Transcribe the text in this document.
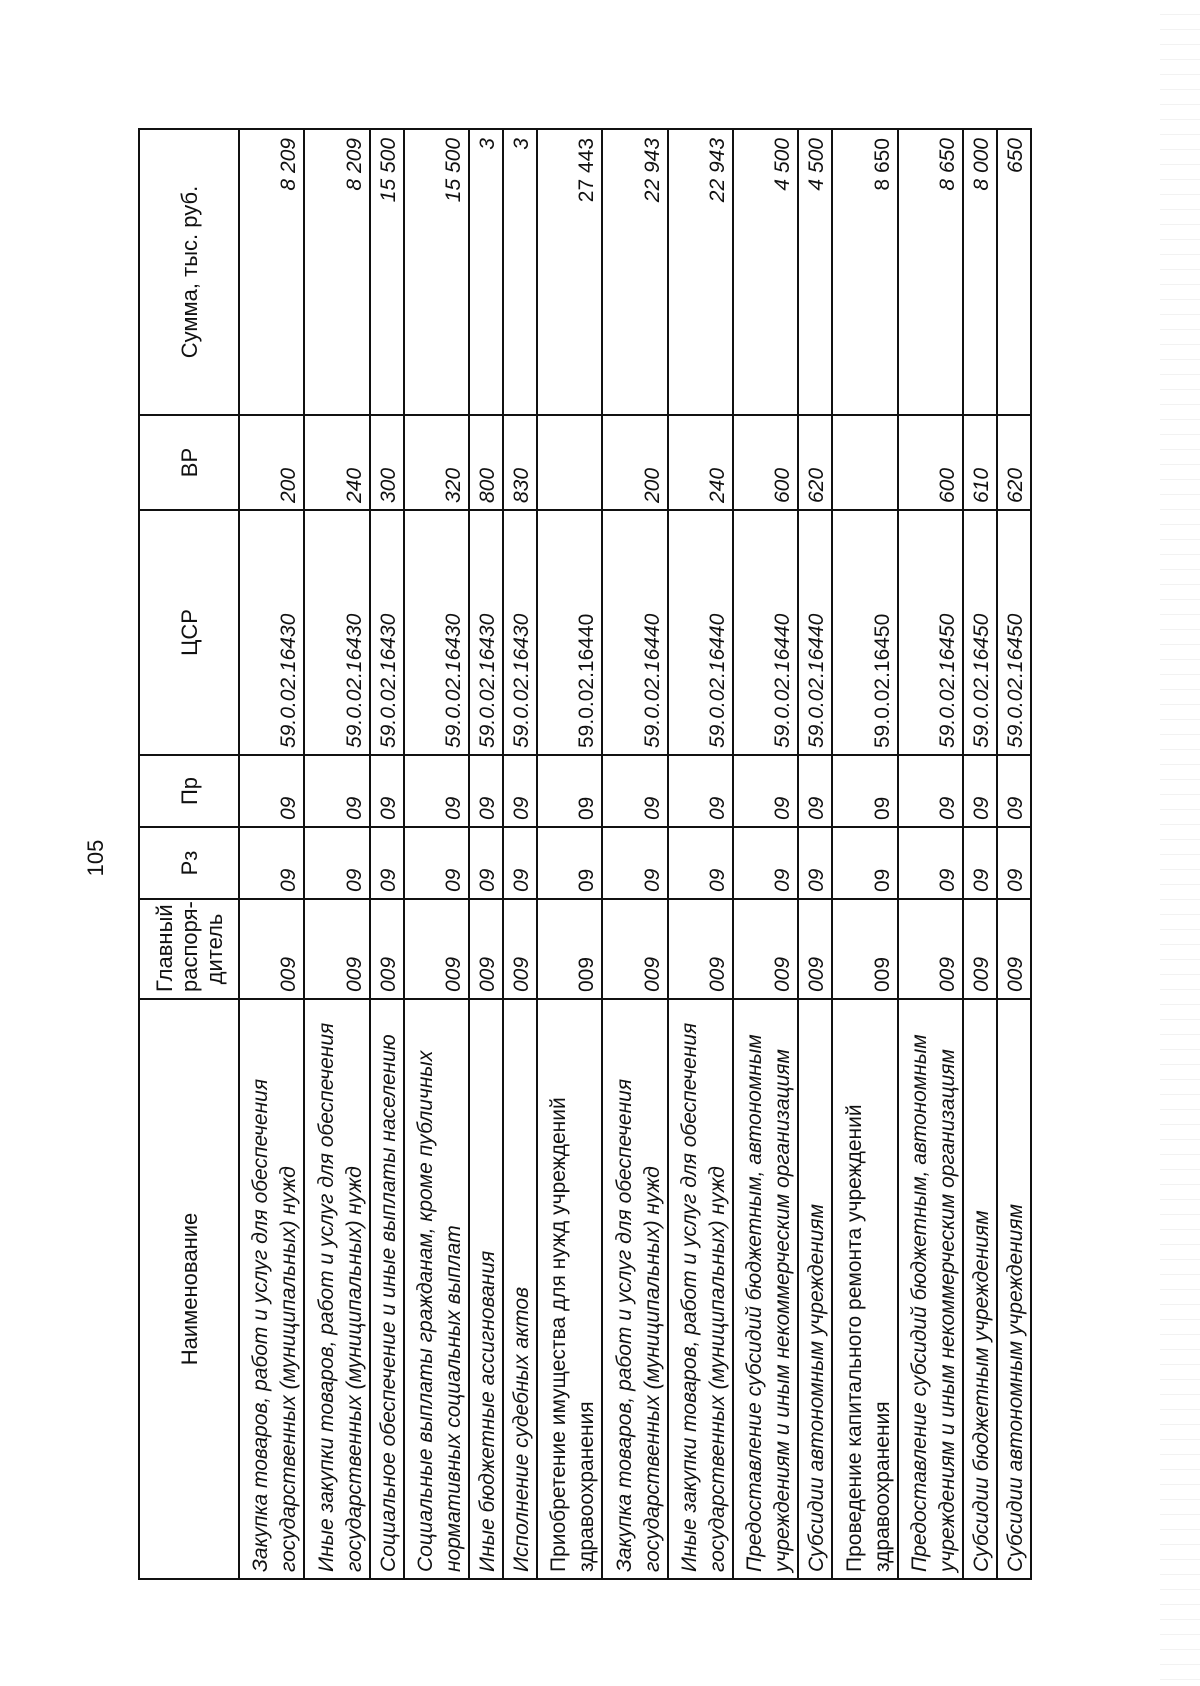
105
Наименование	Главный распоря-дитель	Рз	Пр	ЦСР	ВР	Сумма, тыс. руб.
Закупка товаров, работ и услуг для обеспечения государственных (муниципальных) нужд	009	09	09	59.0.02.16430	200	8 209
Иные закупки товаров, работ и услуг для обеспечения государственных (муниципальных) нужд	009	09	09	59.0.02.16430	240	8 209
Социальное обеспечение и иные выплаты населению	009	09	09	59.0.02.16430	300	15 500
Социальные выплаты гражданам, кроме публичных нормативных социальных выплат	009	09	09	59.0.02.16430	320	15 500
Иные бюджетные ассигнования	009	09	09	59.0.02.16430	800	3
Исполнение судебных актов	009	09	09	59.0.02.16430	830	3
Приобретение имущества для нужд учреждений здравоохранения	009	09	09	59.0.02.16440		27 443
Закупка товаров, работ и услуг для обеспечения государственных (муниципальных) нужд	009	09	09	59.0.02.16440	200	22 943
Иные закупки товаров, работ и услуг для обеспечения государственных (муниципальных) нужд	009	09	09	59.0.02.16440	240	22 943
Предоставление субсидий бюджетным, автономным учреждениям и иным некоммерческим организациям	009	09	09	59.0.02.16440	600	4 500
Субсидии автономным учреждениям	009	09	09	59.0.02.16440	620	4 500
Проведение капитального ремонта учреждений здравоохранения	009	09	09	59.0.02.16450		8 650
Предоставление субсидий бюджетным, автономным учреждениям и иным некоммерческим организациям	009	09	09	59.0.02.16450	600	8 650
Субсидии бюджетным учреждениям	009	09	09	59.0.02.16450	610	8 000
Субсидии автономным учреждениям	009	09	09	59.0.02.16450	620	650
